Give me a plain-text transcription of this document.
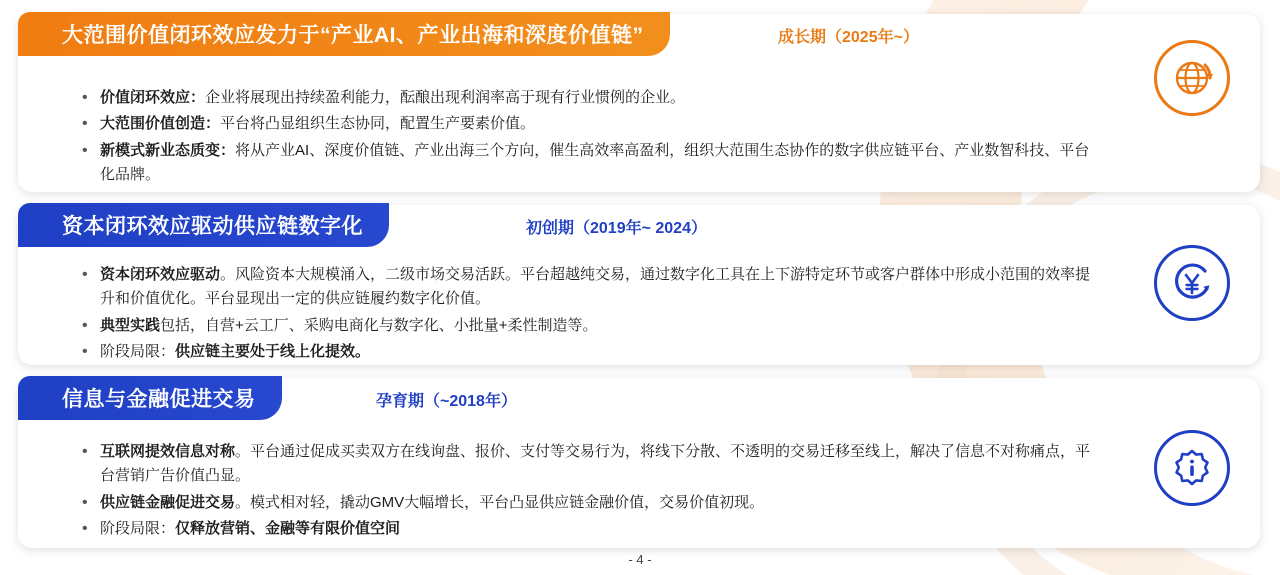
大范围价值闭环效应发力于“产业AI、产业出海和深度价值链”	成长期（2025年~）
• 价值闭环效应：企业将展现出持续盈利能力，酝酿出现利润率高于现有行业惯例的企业。
• 大范围价值创造：平台将凸显组织生态协同，配置生产要素价值。
• 新模式新业态质变：将从产业AI、深度价值链、产业出海三个方向，催生高效率高盈利，组织大范围生态协作的数字供应链平台、产业数智科技、平台化品牌。
资本闭环效应驱动供应链数字化	初创期（2019年~ 2024）
• 资本闭环效应驱动。风险资本大规模涌入，二级市场交易活跃。平台超越纯交易，通过数字化工具在上下游特定环节或客户群体中形成小范围的效率提升和价值优化。平台显现出一定的供应链履约数字化价值。
• 典型实践包括，自营+云工厂、采购电商化与数字化、小批量+柔性制造等。
• 阶段局限：供应链主要处于线上化提效。
信息与金融促进交易	孕育期（~2018年）
• 互联网提效信息对称。平台通过促成买卖双方在线询盘、报价、支付等交易行为，将线下分散、不透明的交易迁移至线上，解决了信息不对称痛点，平台营销广告价值凸显。
• 供应链金融促进交易。模式相对轻，撬动GMV大幅增长，平台凸显供应链金融价值，交易价值初现。
• 阶段局限：仅释放营销、金融等有限价值空间
- 4 -
